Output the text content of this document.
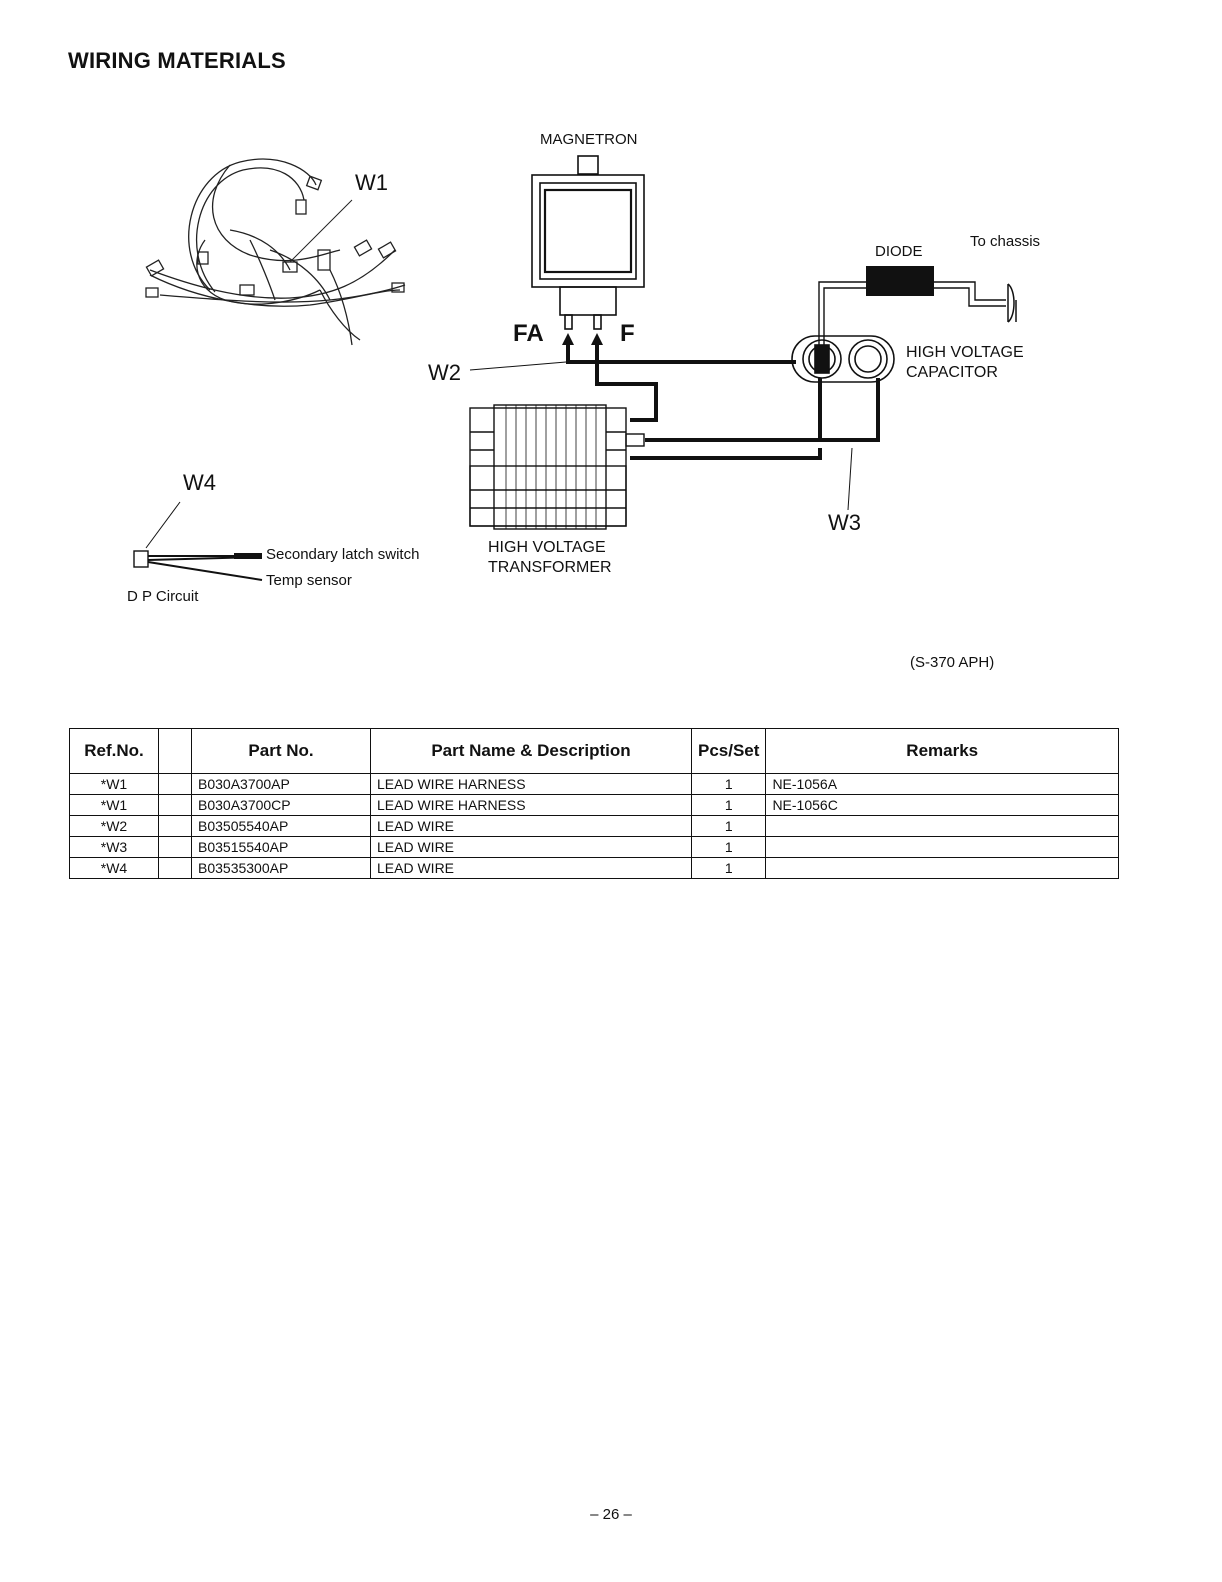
WIRING MATERIALS
MAGNETRON
DIODE
To chassis
FA	F
HIGH VOLTAGE
CAPACITOR
HIGH VOLTAGE
TRANSFORMER
W1
W2
W3
W4
Secondary latch switch
Temp sensor
D P Circuit
(S-370 APH)
Ref.No.		Part No.	Part Name & Description	Pcs/Set	Remarks
*W1		B030A3700AP	LEAD WIRE HARNESS	1	NE-1056A
*W1		B030A3700CP	LEAD WIRE HARNESS	1	NE-1056C
*W2		B03505540AP	LEAD WIRE	1	
*W3		B03515540AP	LEAD WIRE	1	
*W4		B03535300AP	LEAD WIRE	1	
– 26 –
